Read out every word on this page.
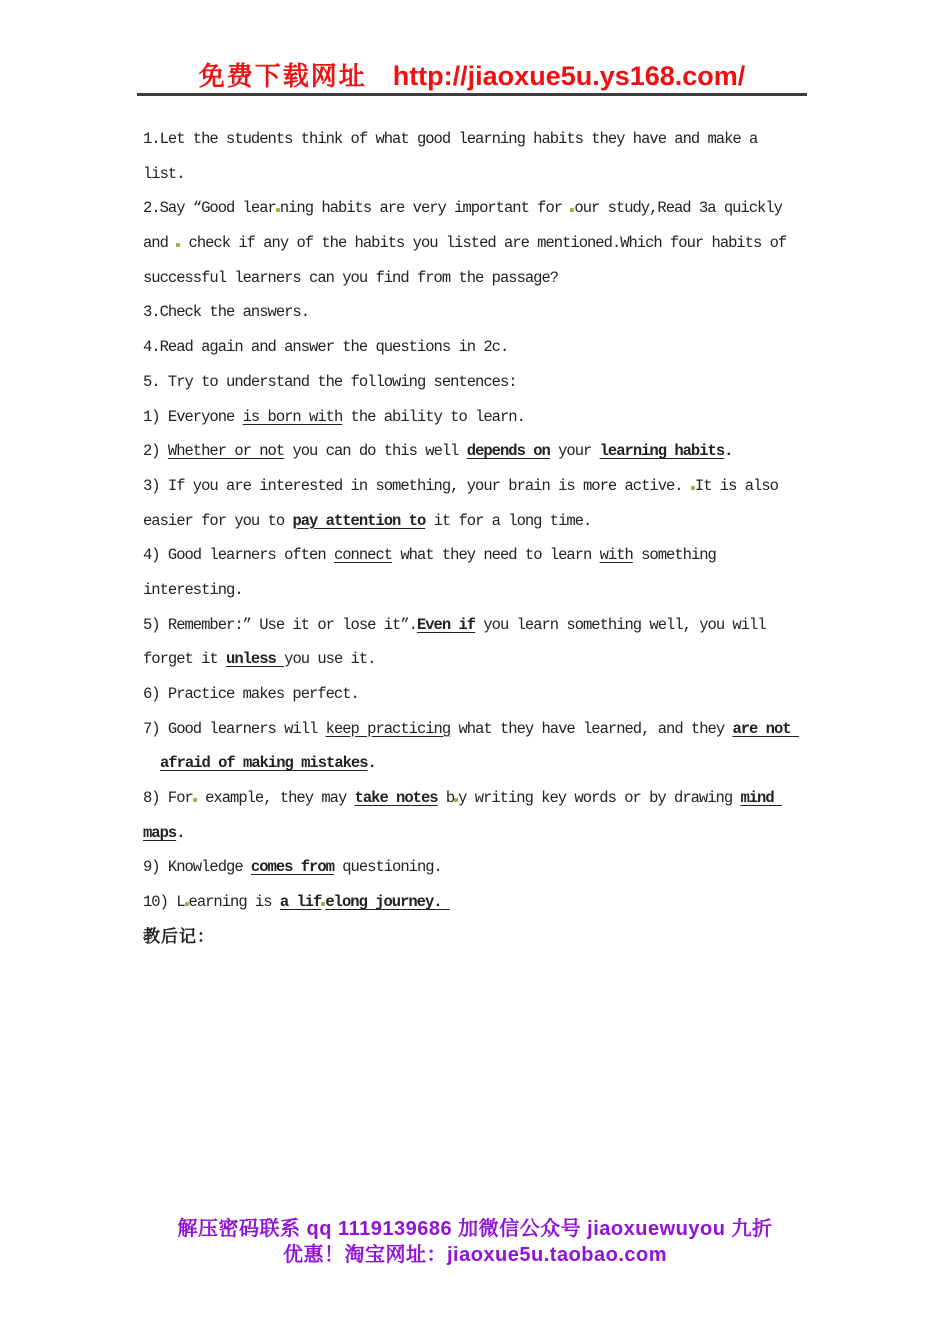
免费下载网址 http://jiaoxue5u.ys168.com/
1.Let the students think of what good learning habits they have and make a
list.
2.Say “Good lear ning habits are very important for our study,Read 3a quickly
and  check if any of the habits you listed are mentioned.Which four habits of
successful learners can you find from the passage?
3.Check the answers.
4.Read again and answer the questions in 2c.
5. Try to understand the following sentences:
1) Everyone is born with the ability to learn.
2) Whether or not you can do this well depends on your learning habits.
3) If you are interested in something, your brain is more active. It is also
easier for you to pay attention to it for a long time.
4) Good learners often connect what they need to learn with something
interesting.
5) Remember:” Use it or lose it”.Even if you learn something well, you will
forget it unless you use it.
6) Practice makes perfect.
7) Good learners will keep practicing what they have learned, and they are not
afraid of making mistakes.
8) For example, they may take notes b y writing key words or by drawing mind
maps.
9) Knowledge comes from questioning.
10) L earning is a lif elong journey.
教后记：
解压密码联系 qq 1119139686 加微信公众号 jiaoxuewuyou 九折
优惠！淘宝网址：jiaoxue5u.taobao.com
